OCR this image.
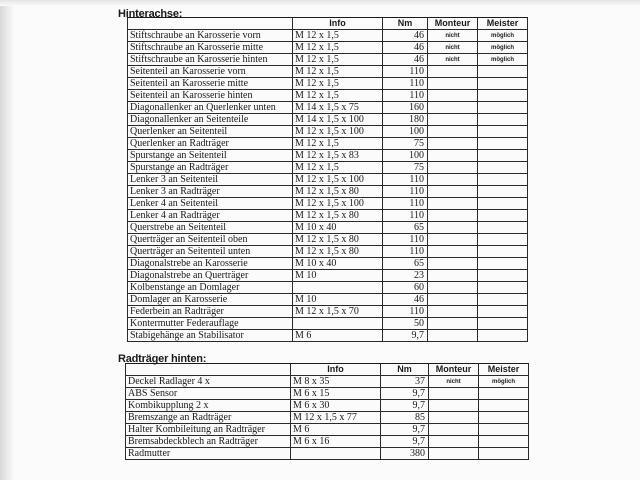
Hinterachse:
	Info	Nm	Monteur	Meister
Stiftschraube an Karosserie vorn	M 12 x 1,5	46	nicht	möglich
Stiftschraube an Karosserie mitte	M 12 x 1,5	46	nicht	möglich
Stiftschraube an Karosserie hinten	M 12 x 1,5	46	nicht	möglich
Seitenteil an Karosserie vorn	M 12 x 1,5	110		
Seitenteil an Karosserie mitte	M 12 x 1,5	110		
Seitenteil an Karosserie hinten	M 12 x 1,5	110		
Diagonallenker an Querlenker unten	M 14 x 1,5 x 75	160		
Diagonallenker an Seitenteile	M 14 x 1,5 x 100	180		
Querlenker an Seitenteil	M 12 x 1,5 x 100	100		
Querlenker an Radträger	M 12 x 1,5	75		
Spurstange an Seitenteil	M 12 x 1,5 x 83	100		
Spurstange an Radträger	M 12 x 1,5	75		
Lenker 3 an Seitenteil	M 12 x 1,5 x 100	110		
Lenker 3 an Radträger	M 12 x 1,5 x 80	110		
Lenker 4 an Seitenteil	M 12 x 1,5 x 100	110		
Lenker 4 an Radträger	M 12 x 1,5 x 80	110		
Querstrebe an Seitenteil	M 10 x 40	65		
Querträger an Seitenteil oben	M 12 x 1,5 x 80	110		
Querträger an Seitenteil unten	M 12 x 1,5 x 80	110		
Diagonalstrebe an Karosserie	M 10 x 40	65		
Diagonalstrebe an Querträger	M 10	23		
Kolbenstange an Domlager		60		
Domlager an Karosserie	M 10	46		
Federbein an Radträger	M 12 x 1,5 x 70	110		
Kontermutter Federauflage		50		
Stabigehänge an Stabilisator	M 6	9,7		
Radträger hinten:
	Info	Nm	Monteur	Meister
Deckel Radlager 4 x	M 8 x 35	37	nicht	möglich
ABS Sensor	M 6 x 15	9,7		
Kombikupplung 2 x	M 6 x 30	9,7		
Bremszange an Radträger	M 12 x 1,5 x 77	85		
Halter Kombileitung an Radträger	M 6	9,7		
Bremsabdeckblech an Radträger	M 6 x 16	9,7		
Radmutter		380		
